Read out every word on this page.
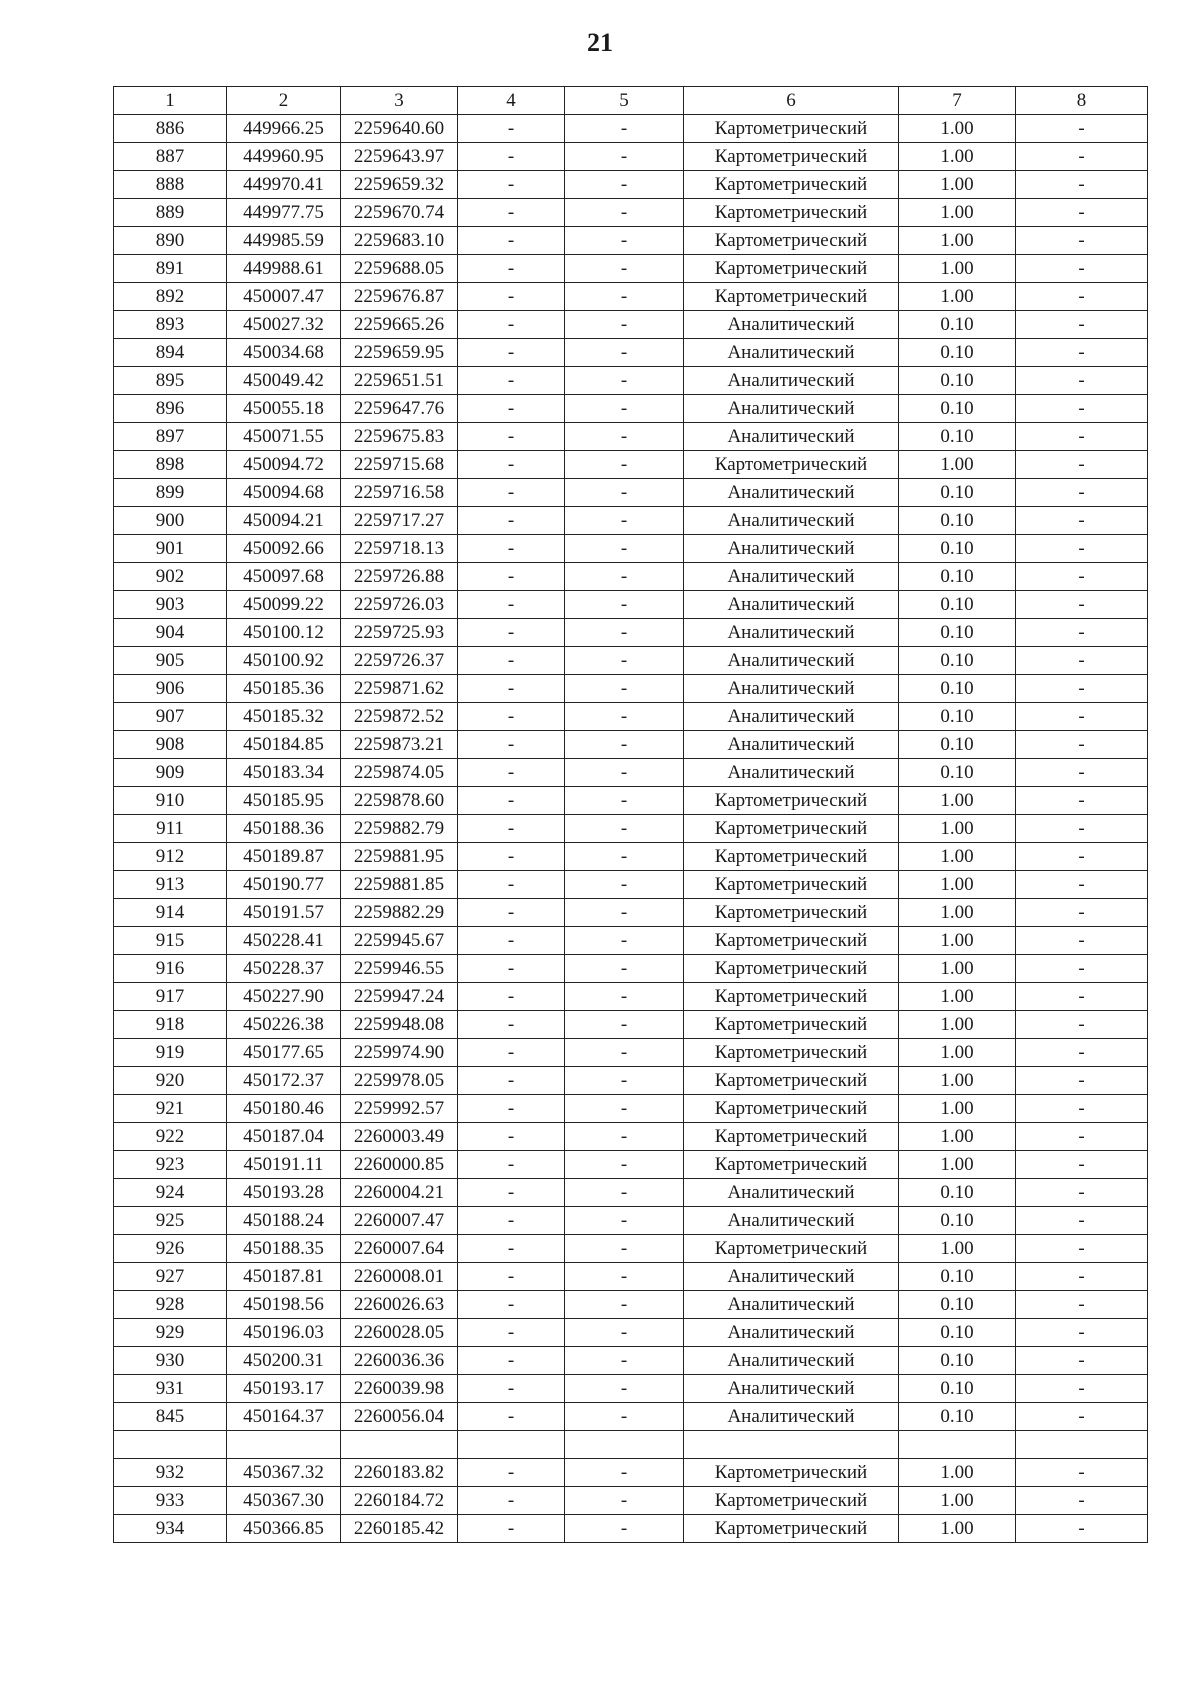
21
1	2	3	4	5	6	7	8
886	449966.25	2259640.60	-	-	Картометрический	1.00	-
887	449960.95	2259643.97	-	-	Картометрический	1.00	-
888	449970.41	2259659.32	-	-	Картометрический	1.00	-
889	449977.75	2259670.74	-	-	Картометрический	1.00	-
890	449985.59	2259683.10	-	-	Картометрический	1.00	-
891	449988.61	2259688.05	-	-	Картометрический	1.00	-
892	450007.47	2259676.87	-	-	Картометрический	1.00	-
893	450027.32	2259665.26	-	-	Аналитический	0.10	-
894	450034.68	2259659.95	-	-	Аналитический	0.10	-
895	450049.42	2259651.51	-	-	Аналитический	0.10	-
896	450055.18	2259647.76	-	-	Аналитический	0.10	-
897	450071.55	2259675.83	-	-	Аналитический	0.10	-
898	450094.72	2259715.68	-	-	Картометрический	1.00	-
899	450094.68	2259716.58	-	-	Аналитический	0.10	-
900	450094.21	2259717.27	-	-	Аналитический	0.10	-
901	450092.66	2259718.13	-	-	Аналитический	0.10	-
902	450097.68	2259726.88	-	-	Аналитический	0.10	-
903	450099.22	2259726.03	-	-	Аналитический	0.10	-
904	450100.12	2259725.93	-	-	Аналитический	0.10	-
905	450100.92	2259726.37	-	-	Аналитический	0.10	-
906	450185.36	2259871.62	-	-	Аналитический	0.10	-
907	450185.32	2259872.52	-	-	Аналитический	0.10	-
908	450184.85	2259873.21	-	-	Аналитический	0.10	-
909	450183.34	2259874.05	-	-	Аналитический	0.10	-
910	450185.95	2259878.60	-	-	Картометрический	1.00	-
911	450188.36	2259882.79	-	-	Картометрический	1.00	-
912	450189.87	2259881.95	-	-	Картометрический	1.00	-
913	450190.77	2259881.85	-	-	Картометрический	1.00	-
914	450191.57	2259882.29	-	-	Картометрический	1.00	-
915	450228.41	2259945.67	-	-	Картометрический	1.00	-
916	450228.37	2259946.55	-	-	Картометрический	1.00	-
917	450227.90	2259947.24	-	-	Картометрический	1.00	-
918	450226.38	2259948.08	-	-	Картометрический	1.00	-
919	450177.65	2259974.90	-	-	Картометрический	1.00	-
920	450172.37	2259978.05	-	-	Картометрический	1.00	-
921	450180.46	2259992.57	-	-	Картометрический	1.00	-
922	450187.04	2260003.49	-	-	Картометрический	1.00	-
923	450191.11	2260000.85	-	-	Картометрический	1.00	-
924	450193.28	2260004.21	-	-	Аналитический	0.10	-
925	450188.24	2260007.47	-	-	Аналитический	0.10	-
926	450188.35	2260007.64	-	-	Картометрический	1.00	-
927	450187.81	2260008.01	-	-	Аналитический	0.10	-
928	450198.56	2260026.63	-	-	Аналитический	0.10	-
929	450196.03	2260028.05	-	-	Аналитический	0.10	-
930	450200.31	2260036.36	-	-	Аналитический	0.10	-
931	450193.17	2260039.98	-	-	Аналитический	0.10	-
845	450164.37	2260056.04	-	-	Аналитический	0.10	-

932	450367.32	2260183.82	-	-	Картометрический	1.00	-
933	450367.30	2260184.72	-	-	Картометрический	1.00	-
934	450366.85	2260185.42	-	-	Картометрический	1.00	-
